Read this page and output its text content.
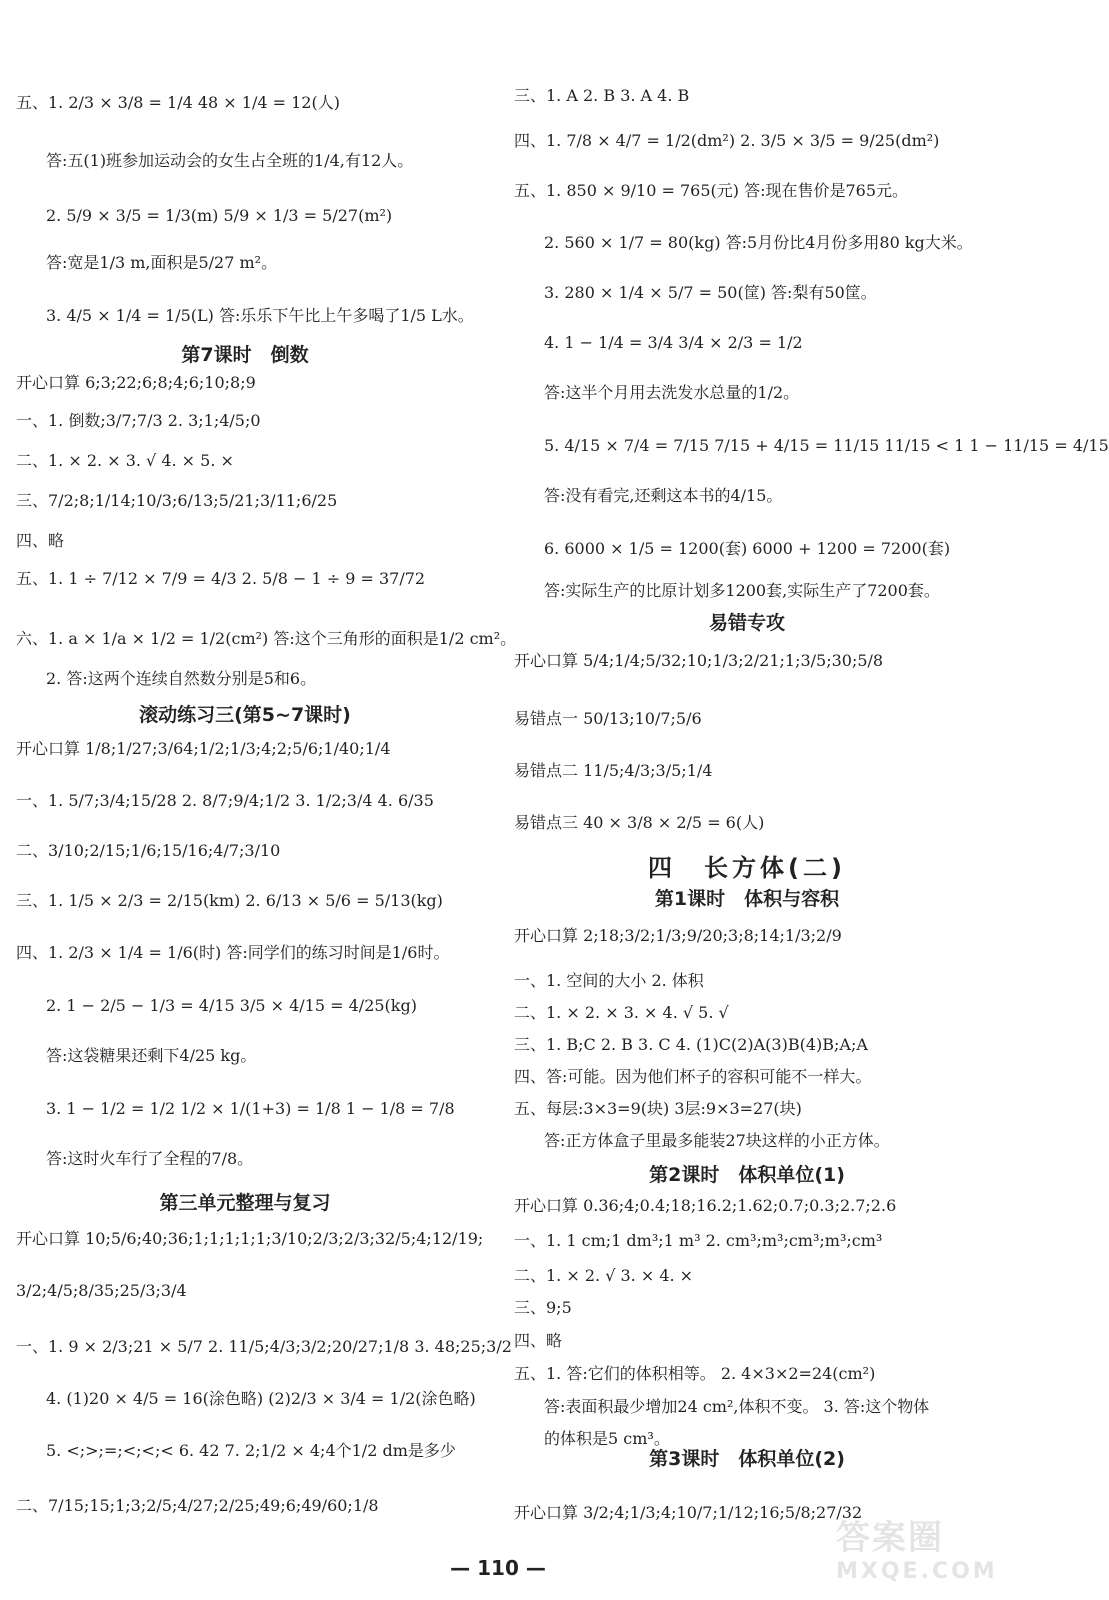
五、1. 2/3 × 3/8 = 1/4 48 × 1/4 = 12(人)
答:五(1)班参加运动会的女生占全班的1/4,有12人。
2. 5/9 × 3/5 = 1/3(m) 5/9 × 1/3 = 5/27(m²)
答:宽是1/3 m,面积是5/27 m²。
3. 4/5 × 1/4 = 1/5(L) 答:乐乐下午比上午多喝了1/5 L水。
第7课时　倒数
滚动练习三(第5~7课时)
第三单元整理与复习
开心口算 6;3;22;6;8;4;6;10;8;9
一、1. 倒数;3/7;7/3 2. 3;1;4/5;0
二、1. × 2. × 3. √ 4. × 5. ×
三、7/2;8;1/14;10/3;6/13;5/21;3/11;6/25
四、略
五、1. 1 ÷ 7/12 × 7/9 = 4/3 2. 5/8 − 1 ÷ 9 = 37/72
六、1. a × 1/a × 1/2 = 1/2(cm²) 答:这个三角形的面积是1/2 cm²。
2. 答:这两个连续自然数分别是5和6。
开心口算 1/8;1/27;3/64;1/2;1/3;4;2;5/6;1/40;1/4
一、1. 5/7;3/4;15/28 2. 8/7;9/4;1/2 3. 1/2;3/4 4. 6/35
二、3/10;2/15;1/6;15/16;4/7;3/10
三、1. 1/5 × 2/3 = 2/15(km) 2. 6/13 × 5/6 = 5/13(kg)
四、1. 2/3 × 1/4 = 1/6(时) 答:同学们的练习时间是1/6时。
2. 1 − 2/5 − 1/3 = 4/15 3/5 × 4/15 = 4/25(kg)
答:这袋糖果还剩下4/25 kg。
3. 1 − 1/2 = 1/2 1/2 × 1/(1+3) = 1/8 1 − 1/8 = 7/8
答:这时火车行了全程的7/8。
开心口算 10;5/6;40;36;1;1;1;1;1;3/10;2/3;2/3;32/5;4;12/19;
3/2;4/5;8/35;25/3;3/4
一、1. 9 × 2/3;21 × 5/7 2. 11/5;4/3;3/2;20/27;1/8 3. 48;25;3/2
4. (1)20 × 4/5 = 16(涂色略) (2)2/3 × 3/4 = 1/2(涂色略)
5. <;>;=;<;<;< 6. 42 7. 2;1/2 × 4;4个1/2 dm是多少
二、7/15;15;1;3;2/5;4/27;2/25;49;6;49/60;1/8
三、1. A 2. B 3. A 4. B
四、1. 7/8 × 4/7 = 1/2(dm²) 2. 3/5 × 3/5 = 9/25(dm²)
五、1. 850 × 9/10 = 765(元) 答:现在售价是765元。
2. 560 × 1/7 = 80(kg) 答:5月份比4月份多用80 kg大米。
3. 280 × 1/4 × 5/7 = 50(筐) 答:梨有50筐。
4. 1 − 1/4 = 3/4 3/4 × 2/3 = 1/2
答:这半个月用去洗发水总量的1/2。
5. 4/15 × 7/4 = 7/15 7/15 + 4/15 = 11/15 11/15 < 1 1 − 11/15 = 4/15
答:没有看完,还剩这本书的4/15。
6. 6000 × 1/5 = 1200(套) 6000 + 1200 = 7200(套)
答:实际生产的比原计划多1200套,实际生产了7200套。
易错专攻
第1课时　体积与容积
第2课时　体积单位(1)
第3课时　体积单位(2)
开心口算 5/4;1/4;5/32;10;1/3;2/21;1;3/5;30;5/8
易错点一 50/13;10/7;5/6
易错点二 11/5;4/3;3/5;1/4
易错点三 40 × 3/8 × 2/5 = 6(人)
开心口算 2;18;3/2;1/3;9/20;3;8;14;1/3;2/9
一、1. 空间的大小 2. 体积
二、1. × 2. × 3. × 4. √ 5. √
三、1. B;C 2. B 3. C 4. (1)C(2)A(3)B(4)B;A;A
四、答:可能。因为他们杯子的容积可能不一样大。
五、每层:3×3=9(块) 3层:9×3=27(块)
答:正方体盒子里最多能装27块这样的小正方体。
开心口算 0.36;4;0.4;18;16.2;1.62;0.7;0.3;2.7;2.6
一、1. 1 cm;1 dm³;1 m³ 2. cm³;m³;cm³;m³;cm³
二、1. × 2. √ 3. × 4. ×
三、9;5
四、略
五、1. 答:它们的体积相等。 2. 4×3×2=24(cm²)
答:表面积最少增加24 cm²,体积不变。 3. 答:这个物体
的体积是5 cm³。
开心口算 3/2;4;1/3;4;10/7;1/12;16;5/8;27/32
四　长方体(二)
— 110 —
答案圈
MXQE.COM
